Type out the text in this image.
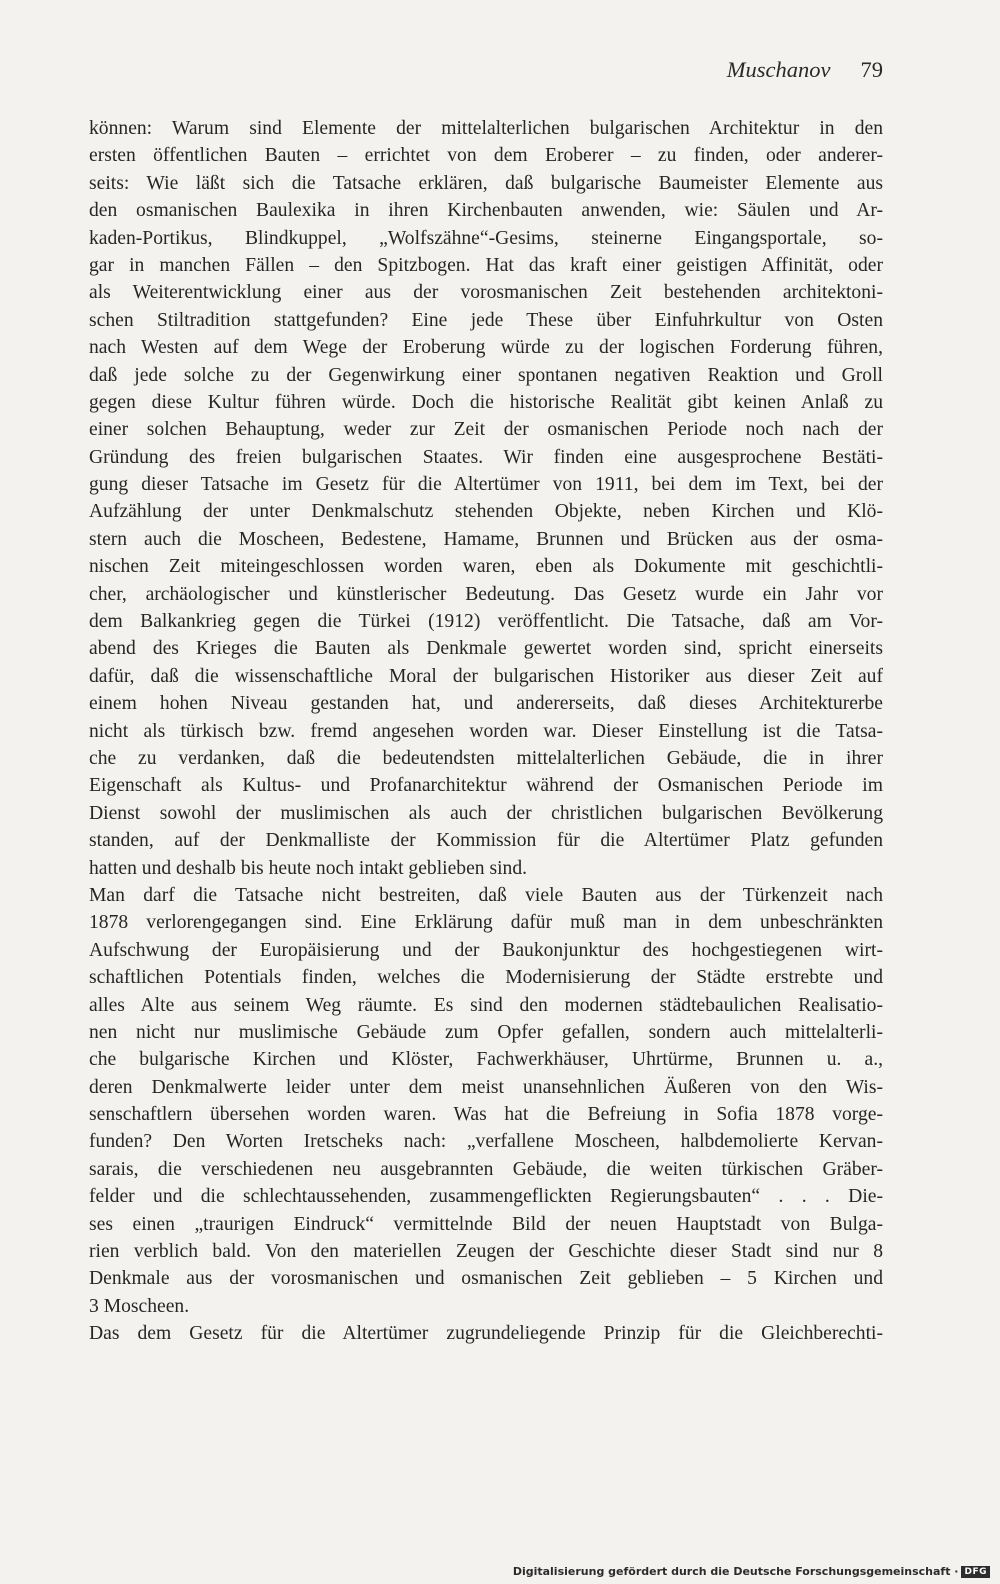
Muschanov 79
können: Warum sind Elemente der mittelalterlichen bulgarischen Architektur in den
ersten öffentlichen Bauten – errichtet von dem Eroberer – zu finden, oder anderer-
seits: Wie läßt sich die Tatsache erklären, daß bulgarische Baumeister Elemente aus
den osmanischen Baulexika in ihren Kirchenbauten anwenden, wie: Säulen und Ar-
kaden-Portikus, Blindkuppel, „Wolfszähne“-Gesims, steinerne Eingangsportale, so-
gar in manchen Fällen – den Spitzbogen. Hat das kraft einer geistigen Affinität, oder
als Weiterentwicklung einer aus der vorosmanischen Zeit bestehenden architektoni-
schen Stiltradition stattgefunden? Eine jede These über Einfuhrkultur von Osten
nach Westen auf dem Wege der Eroberung würde zu der logischen Forderung führen,
daß jede solche zu der Gegenwirkung einer spontanen negativen Reaktion und Groll
gegen diese Kultur führen würde. Doch die historische Realität gibt keinen Anlaß zu
einer solchen Behauptung, weder zur Zeit der osmanischen Periode noch nach der
Gründung des freien bulgarischen Staates. Wir finden eine ausgesprochene Bestäti-
gung dieser Tatsache im Gesetz für die Altertümer von 1911, bei dem im Text, bei der
Aufzählung der unter Denkmalschutz stehenden Objekte, neben Kirchen und Klö-
stern auch die Moscheen, Bedestene, Hamame, Brunnen und Brücken aus der osma-
nischen Zeit miteingeschlossen worden waren, eben als Dokumente mit geschichtli-
cher, archäologischer und künstlerischer Bedeutung. Das Gesetz wurde ein Jahr vor
dem Balkankrieg gegen die Türkei (1912) veröffentlicht. Die Tatsache, daß am Vor-
abend des Krieges die Bauten als Denkmale gewertet worden sind, spricht einerseits
dafür, daß die wissenschaftliche Moral der bulgarischen Historiker aus dieser Zeit auf
einem hohen Niveau gestanden hat, und andererseits, daß dieses Architekturerbe
nicht als türkisch bzw. fremd angesehen worden war. Dieser Einstellung ist die Tatsa-
che zu verdanken, daß die bedeutendsten mittelalterlichen Gebäude, die in ihrer
Eigenschaft als Kultus- und Profanarchitektur während der Osmanischen Periode im
Dienst sowohl der muslimischen als auch der christlichen bulgarischen Bevölkerung
standen, auf der Denkmalliste der Kommission für die Altertümer Platz gefunden
hatten und deshalb bis heute noch intakt geblieben sind.
Man darf die Tatsache nicht bestreiten, daß viele Bauten aus der Türkenzeit nach
1878 verlorengegangen sind. Eine Erklärung dafür muß man in dem unbeschränkten
Aufschwung der Europäisierung und der Baukonjunktur des hochgestiegenen wirt-
schaftlichen Potentials finden, welches die Modernisierung der Städte erstrebte und
alles Alte aus seinem Weg räumte. Es sind den modernen städtebaulichen Realisatio-
nen nicht nur muslimische Gebäude zum Opfer gefallen, sondern auch mittelalterli-
che bulgarische Kirchen und Klöster, Fachwerkhäuser, Uhrtürme, Brunnen u. a.,
deren Denkmalwerte leider unter dem meist unansehnlichen Äußeren von den Wis-
senschaftlern übersehen worden waren. Was hat die Befreiung in Sofia 1878 vorge-
funden? Den Worten Iretscheks nach: „verfallene Moscheen, halbdemolierte Kervan-
sarais, die verschiedenen neu ausgebrannten Gebäude, die weiten türkischen Gräber-
felder und die schlechtaussehenden, zusammengeflickten Regierungsbauten“ . . . Die-
ses einen „traurigen Eindruck“ vermittelnde Bild der neuen Hauptstadt von Bulga-
rien verblich bald. Von den materiellen Zeugen der Geschichte dieser Stadt sind nur 8
Denkmale aus der vorosmanischen und osmanischen Zeit geblieben – 5 Kirchen und
3 Moscheen.
Das dem Gesetz für die Altertümer zugrundeliegende Prinzip für die Gleichberechti-
Digitalisierung gefördert durch die Deutsche Forschungsgemeinschaft · DFG
